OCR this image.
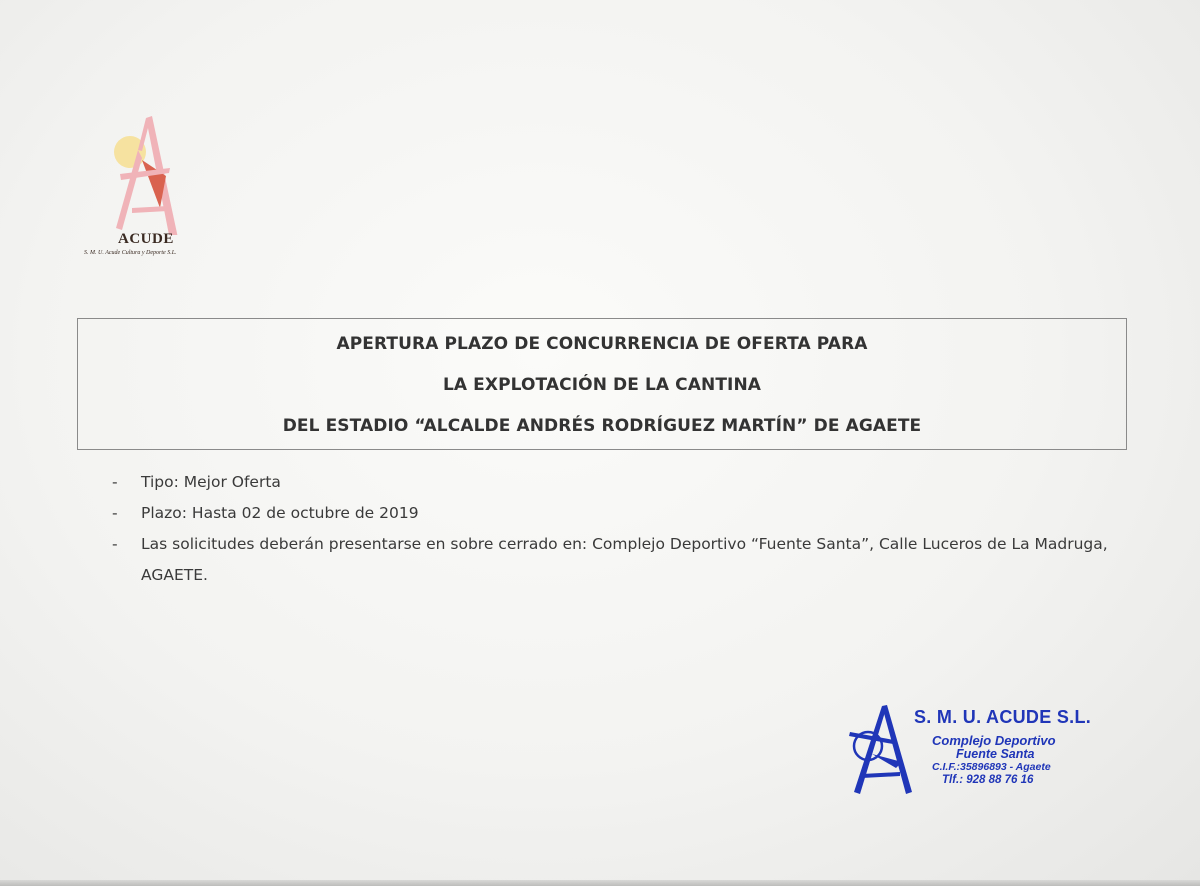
ACUDE
S. M. U. Acude Cultura y Deporte S.L.
APERTURA PLAZO DE CONCURRENCIA DE OFERTA PARA
LA EXPLOTACIÓN DE LA CANTINA
DEL ESTADIO “ALCALDE ANDRÉS RODRÍGUEZ MARTÍN” DE AGAETE
- Tipo: Mejor Oferta
- Plazo: Hasta 02 de octubre de 2019
- Las solicitudes deberán presentarse en sobre cerrado en: Complejo Deportivo “Fuente Santa”, Calle Luceros de La Madruga, AGAETE.
S. M. U. ACUDE S.L.
Complejo Deportivo
Fuente Santa
C.I.F.:35896893 - Agaete
Tlf.: 928 88 76 16
